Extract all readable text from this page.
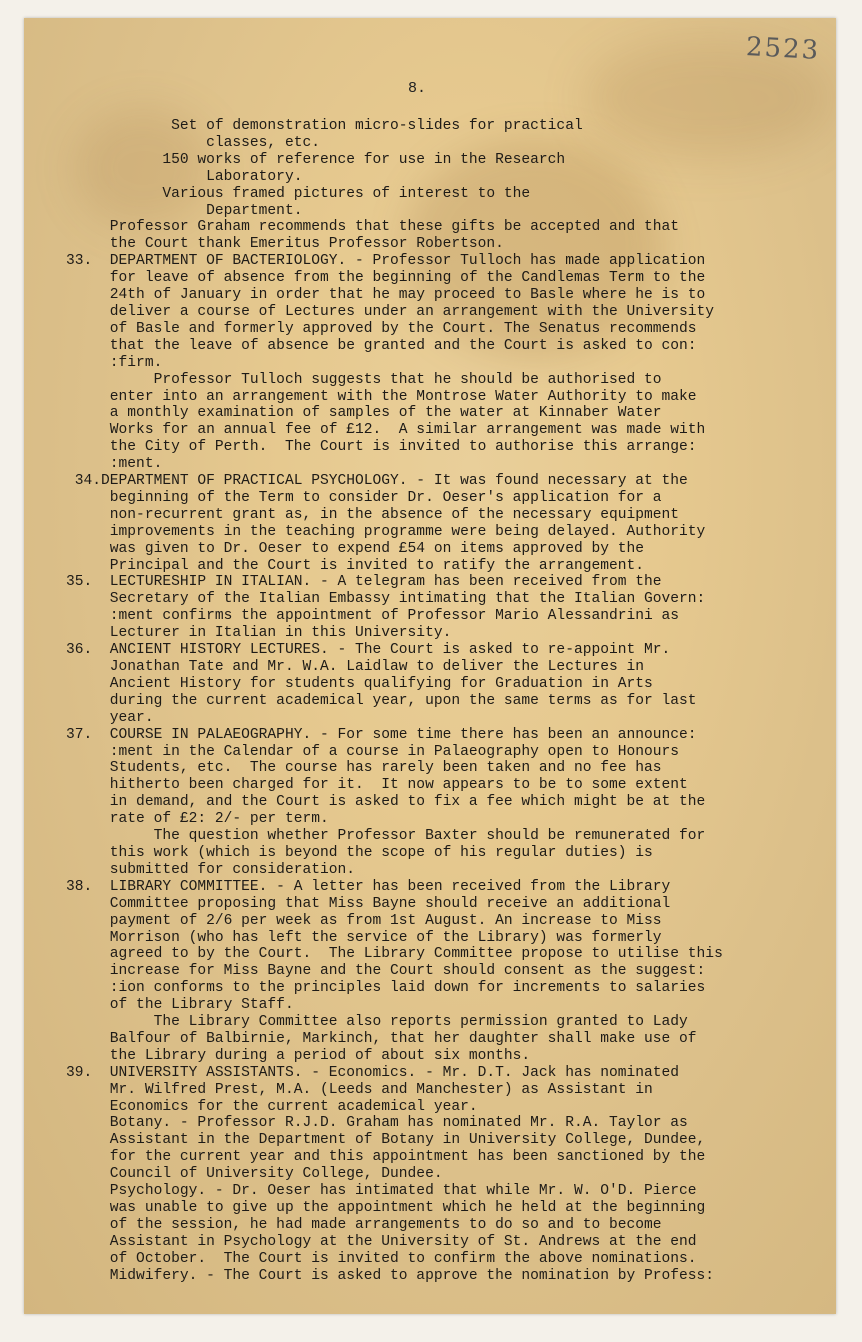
2523
8.
Set of demonstration micro-slides for practical
classes, etc.
150 works of reference for use in the Research
Laboratory.
Various framed pictures of interest to the
Department.
Professor Graham recommends that these gifts be accepted and that
the Court thank Emeritus Professor Robertson.
33.  DEPARTMENT OF BACTERIOLOGY. - Professor Tulloch has made application
for leave of absence from the beginning of the Candlemas Term to the
24th of January in order that he may proceed to Basle where he is to
deliver a course of Lectures under an arrangement with the University
of Basle and formerly approved by the Court. The Senatus recommends
that the leave of absence be granted and the Court is asked to con:
:firm.
Professor Tulloch suggests that he should be authorised to
enter into an arrangement with the Montrose Water Authority to make
a monthly examination of samples of the water at Kinnaber Water
Works for an annual fee of £12.  A similar arrangement was made with
the City of Perth.  The Court is invited to authorise this arrange:
:ment.
34.DEPARTMENT OF PRACTICAL PSYCHOLOGY. - It was found necessary at the
beginning of the Term to consider Dr. Oeser's application for a
non-recurrent grant as, in the absence of the necessary equipment
improvements in the teaching programme were being delayed. Authority
was given to Dr. Oeser to expend £54 on items approved by the
Principal and the Court is invited to ratify the arrangement.
35.  LECTURESHIP IN ITALIAN. - A telegram has been received from the
Secretary of the Italian Embassy intimating that the Italian Govern:
:ment confirms the appointment of Professor Mario Alessandrini as
Lecturer in Italian in this University.
36.  ANCIENT HISTORY LECTURES. - The Court is asked to re-appoint Mr.
Jonathan Tate and Mr. W.A. Laidlaw to deliver the Lectures in
Ancient History for students qualifying for Graduation in Arts
during the current academical year, upon the same terms as for last
year.
37.  COURSE IN PALAEOGRAPHY. - For some time there has been an announce:
:ment in the Calendar of a course in Palaeography open to Honours
Students, etc.  The course has rarely been taken and no fee has
hitherto been charged for it.  It now appears to be to some extent
in demand, and the Court is asked to fix a fee which might be at the
rate of £2: 2/- per term.
The question whether Professor Baxter should be remunerated for
this work (which is beyond the scope of his regular duties) is
submitted for consideration.
38.  LIBRARY COMMITTEE. - A letter has been received from the Library
Committee proposing that Miss Bayne should receive an additional
payment of 2/6 per week as from 1st August. An increase to Miss
Morrison (who has left the service of the Library) was formerly
agreed to by the Court.  The Library Committee propose to utilise this
increase for Miss Bayne and the Court should consent as the suggest:
:ion conforms to the principles laid down for increments to salaries
of the Library Staff.
The Library Committee also reports permission granted to Lady
Balfour of Balbirnie, Markinch, that her daughter shall make use of
the Library during a period of about six months.
39.  UNIVERSITY ASSISTANTS. - Economics. - Mr. D.T. Jack has nominated
Mr. Wilfred Prest, M.A. (Leeds and Manchester) as Assistant in
Economics for the current academical year.
Botany. - Professor R.J.D. Graham has nominated Mr. R.A. Taylor as
Assistant in the Department of Botany in University College, Dundee,
for the current year and this appointment has been sanctioned by the
Council of University College, Dundee.
Psychology. - Dr. Oeser has intimated that while Mr. W. O'D. Pierce
was unable to give up the appointment which he held at the beginning
of the session, he had made arrangements to do so and to become
Assistant in Psychology at the University of St. Andrews at the end
of October.  The Court is invited to confirm the above nominations.
Midwifery. - The Court is asked to approve the nomination by Profess:
